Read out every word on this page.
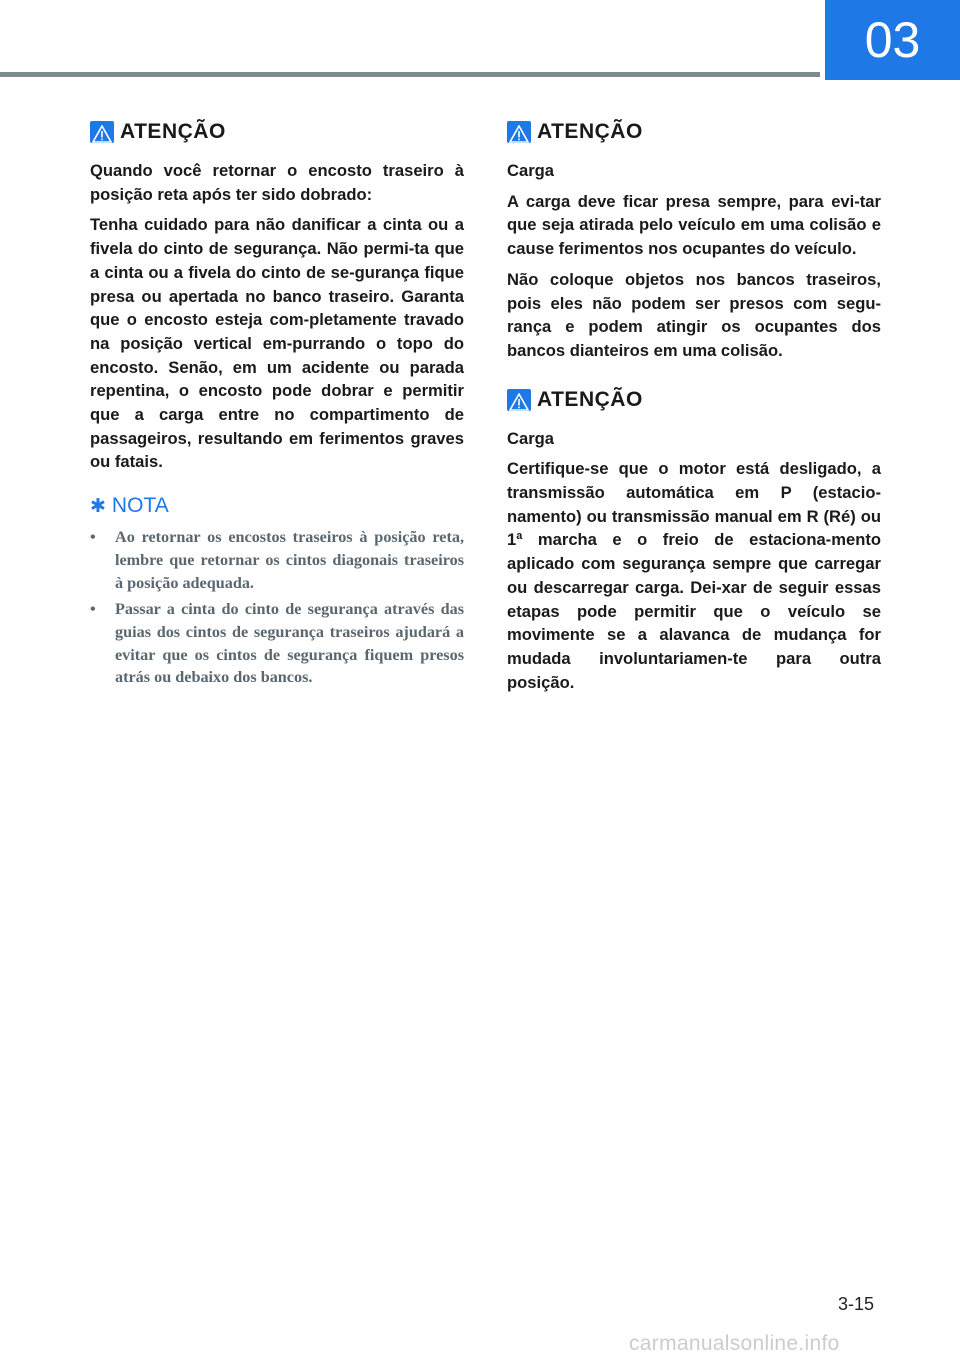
03
ATENÇÃO

Quando você retornar o encosto traseiro à posição reta após ter sido dobrado:

Tenha cuidado para não danificar a cinta ou a fivela do cinto de segurança. Não permi-ta que a cinta ou a fivela do cinto de se-gurança fique presa ou apertada no banco traseiro. Garanta que o encosto esteja com-pletamente travado na posição vertical em-purrando o topo do encosto. Senão, em um acidente ou parada repentina, o encosto pode dobrar e permitir que a carga entre no compartimento de passageiros, resultando em ferimentos graves ou fatais.

✱ NOTA
• Ao retornar os encostos traseiros à posição reta, lembre que retornar os cintos diagonais traseiros à posição adequada.
• Passar a cinta do cinto de segurança através das guias dos cintos de segurança traseiros ajudará a evitar que os cintos de segurança fiquem presos atrás ou debaixo dos bancos.
ATENÇÃO

Carga

A carga deve ficar presa sempre, para evi-tar que seja atirada pelo veículo em uma colisão e cause ferimentos nos ocupantes do veículo.

Não coloque objetos nos bancos traseiros, pois eles não podem ser presos com segu-rança e podem atingir os ocupantes dos bancos dianteiros em uma colisão.

ATENÇÃO

Carga

Certifique-se que o motor está desligado, a transmissão automática em P (estacio-namento) ou transmissão manual em R (Ré) ou 1ª marcha e o freio de estaciona-mento aplicado com segurança sempre que carregar ou descarregar carga. Dei-xar de seguir essas etapas pode permitir que o veículo se movimente se a alavanca de mudança for mudada involuntariamen-te para outra posição.

3-15
carmanualsonline.info
